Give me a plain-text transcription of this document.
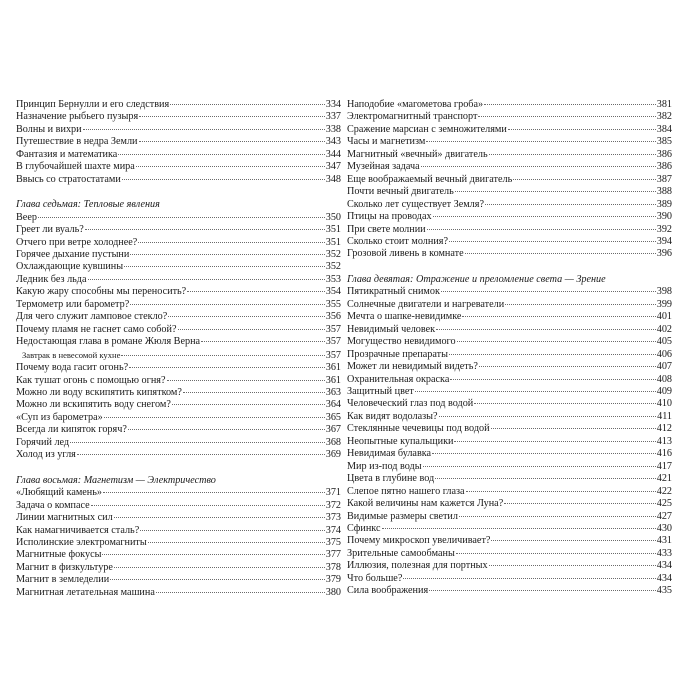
Принцип Бернулли и его следствия	334
Назначение рыбьего пузыря	337
Волны и вихри	338
Путешествие в недра Земли	343
Фантазия и математика	344
В глубочайшей шахте мира	347
Ввысь со стратостатами	348
Глава седьмая: Тепловые явления
Веер	350
Греет ли вуаль?	351
Отчего при ветре холоднее?	351
Горячее дыхание пустыни	352
Охлаждающие кувшины	352
Ледник без льда	353
Какую жару способны мы переносить?	354
Термометр или барометр?	355
Для чего служит ламповое стекло?	356
Почему пламя не гаснет само собой?	357
Недостающая глава в романе Жюля Верна	357
Завтрак в невесомой кухне	357
Почему вода гасит огонь?	361
Как тушат огонь с помощью огня?	361
Можно ли воду вскипятить кипятком?	363
Можно ли вскипятить воду снегом?	364
«Суп из барометра»	365
Всегда ли кипяток горяч?	367
Горячий лед	368
Холод из угля	369
Глава восьмая: Магнетизм — Электричество
«Любящий камень»	371
Задача о компасе	372
Линии магнитных сил	373
Как намагничивается сталь?	374
Исполинские электромагниты	375
Магнитные фокусы	377
Магнит в физкультуре	378
Магнит в земледелии	379
Магнитная летательная машина	380
Наподобие «магометова гроба»	381
Электромагнитный транспорт	382
Сражение марсиан с земножителями	384
Часы и магнетизм	385
Магнитный «вечный» двигатель	386
Музейная задача	386
Еще воображаемый вечный двигатель	387
Почти вечный двигатель	388
Сколько лет существует Земля?	389
Птицы на проводах	390
При свете молнии	392
Сколько стоит молния?	394
Грозовой ливень в комнате	396
Глава девятая: Отражение и преломление света — Зрение
Пятикратный снимок	398
Солнечные двигатели и нагреватели	399
Мечта о шапке-невидимке	401
Невидимый человек	402
Могущество невидимого	405
Прозрачные препараты	406
Может ли невидимый видеть?	407
Охранительная окраска	408
Защитный цвет	409
Человеческий глаз под водой	410
Как видят водолазы?	411
Стеклянные чечевицы под водой	412
Неопытные купальщики	413
Невидимая булавка	416
Мир из-под воды	417
Цвета в глубине вод	421
Слепое пятно нашего глаза	422
Какой величины нам кажется Луна?	425
Видимые размеры светил	427
Сфинкс	430
Почему микроскоп увеличивает?	431
Зрительные самообманы	433
Иллюзия, полезная для портных	434
Что больше?	434
Сила воображения	435
